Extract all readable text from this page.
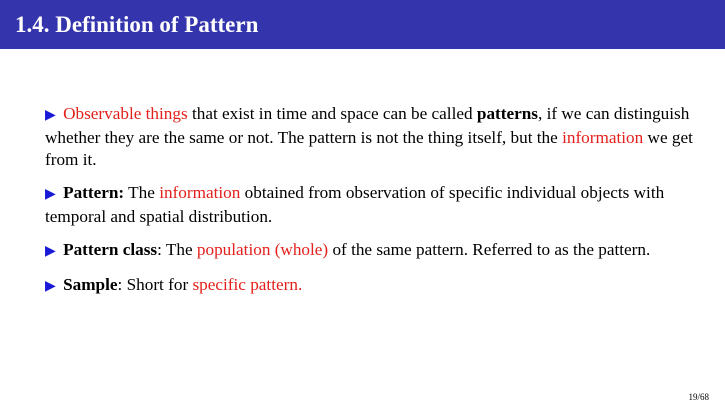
1.4. Definition of Pattern
▶ Observable things that exist in time and space can be called patterns, if we can distinguish whether they are the same or not. The pattern is not the thing itself, but the information we get from it.
▶ Pattern: The information obtained from observation of specific individual objects with temporal and spatial distribution.
▶ Pattern class: The population (whole) of the same pattern. Referred to as the pattern.
▶ Sample: Short for specific pattern.
19/68
